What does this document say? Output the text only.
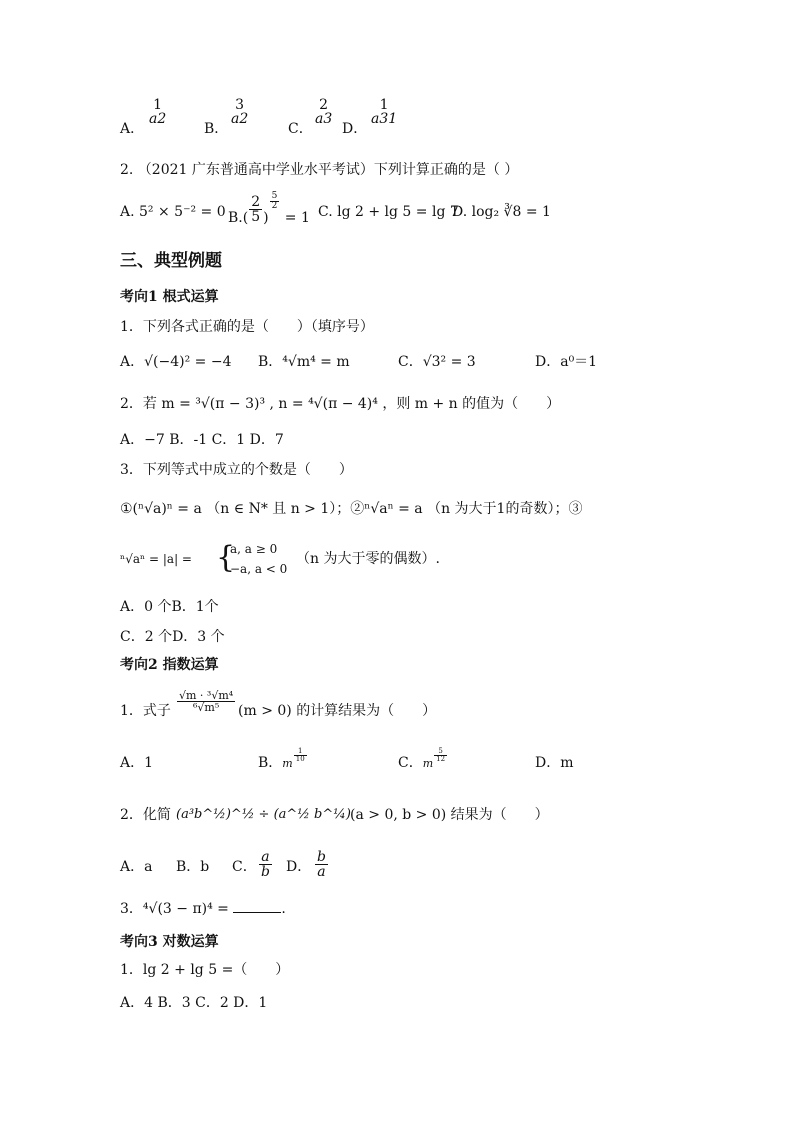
A．
1
a2
B．
3
a2
C．
2
a3
D．
1
a31
2. （2021 广东普通高中学业水平考试）下列计算正确的是（ ）
A. 5² × 5⁻² = 0 $B.( \frac{2}{5}$ )
$\frac{5}{2}$
= 1 C. lg 2 + lg 5 = lg 7
D. log₂ ∛8 = 1
三、典型例题
考向1 根式运算
1．下列各式正确的是（　　）（填序号）
A．√(−4)² = −4 B．⁴√m⁴ = m	C．√3² = 3	D．a⁰＝1
2．若 m = ³√(π − 3)³ , n = ⁴√(π − 4)⁴ ，则 m + n 的值为（　　）
A．−7 B．-1 C．1 D．7
3．下列等式中成立的个数是（　　）
①(ⁿ√a)ⁿ = a （n ∈ N* 且 n > 1）；②ⁿ√aⁿ = a （n 为大于1的奇数）；③
ⁿ√aⁿ = |a| = {
a, a ≥ 0
−a, a < 0
（n 为大于零的偶数）.
A．0 个B．1个
C．2 个D．3 个
考向2 指数运算
1．式子 $\frac{\text{√m · ³√m⁴}}{\text{⁶√m⁵}} (m > 0)$ 的计算结果为（　　）
A．1	B．m
$\frac{1}{10}$	C．m
$\frac{5}{12}$	D．m
2．化简 (a³b^½)^½ ÷ (a^½ b^¼) (a > 0, b > 0) 结果为（　　）
A．a B．b C． $\frac{a}{b}$ D． $\frac{b}{a}$
3．⁴√(3 − π)⁴ =	.
考向3 对数运算
1．lg 2 + lg 5 =（　　）
A．4 B．3 C．2 D．1
